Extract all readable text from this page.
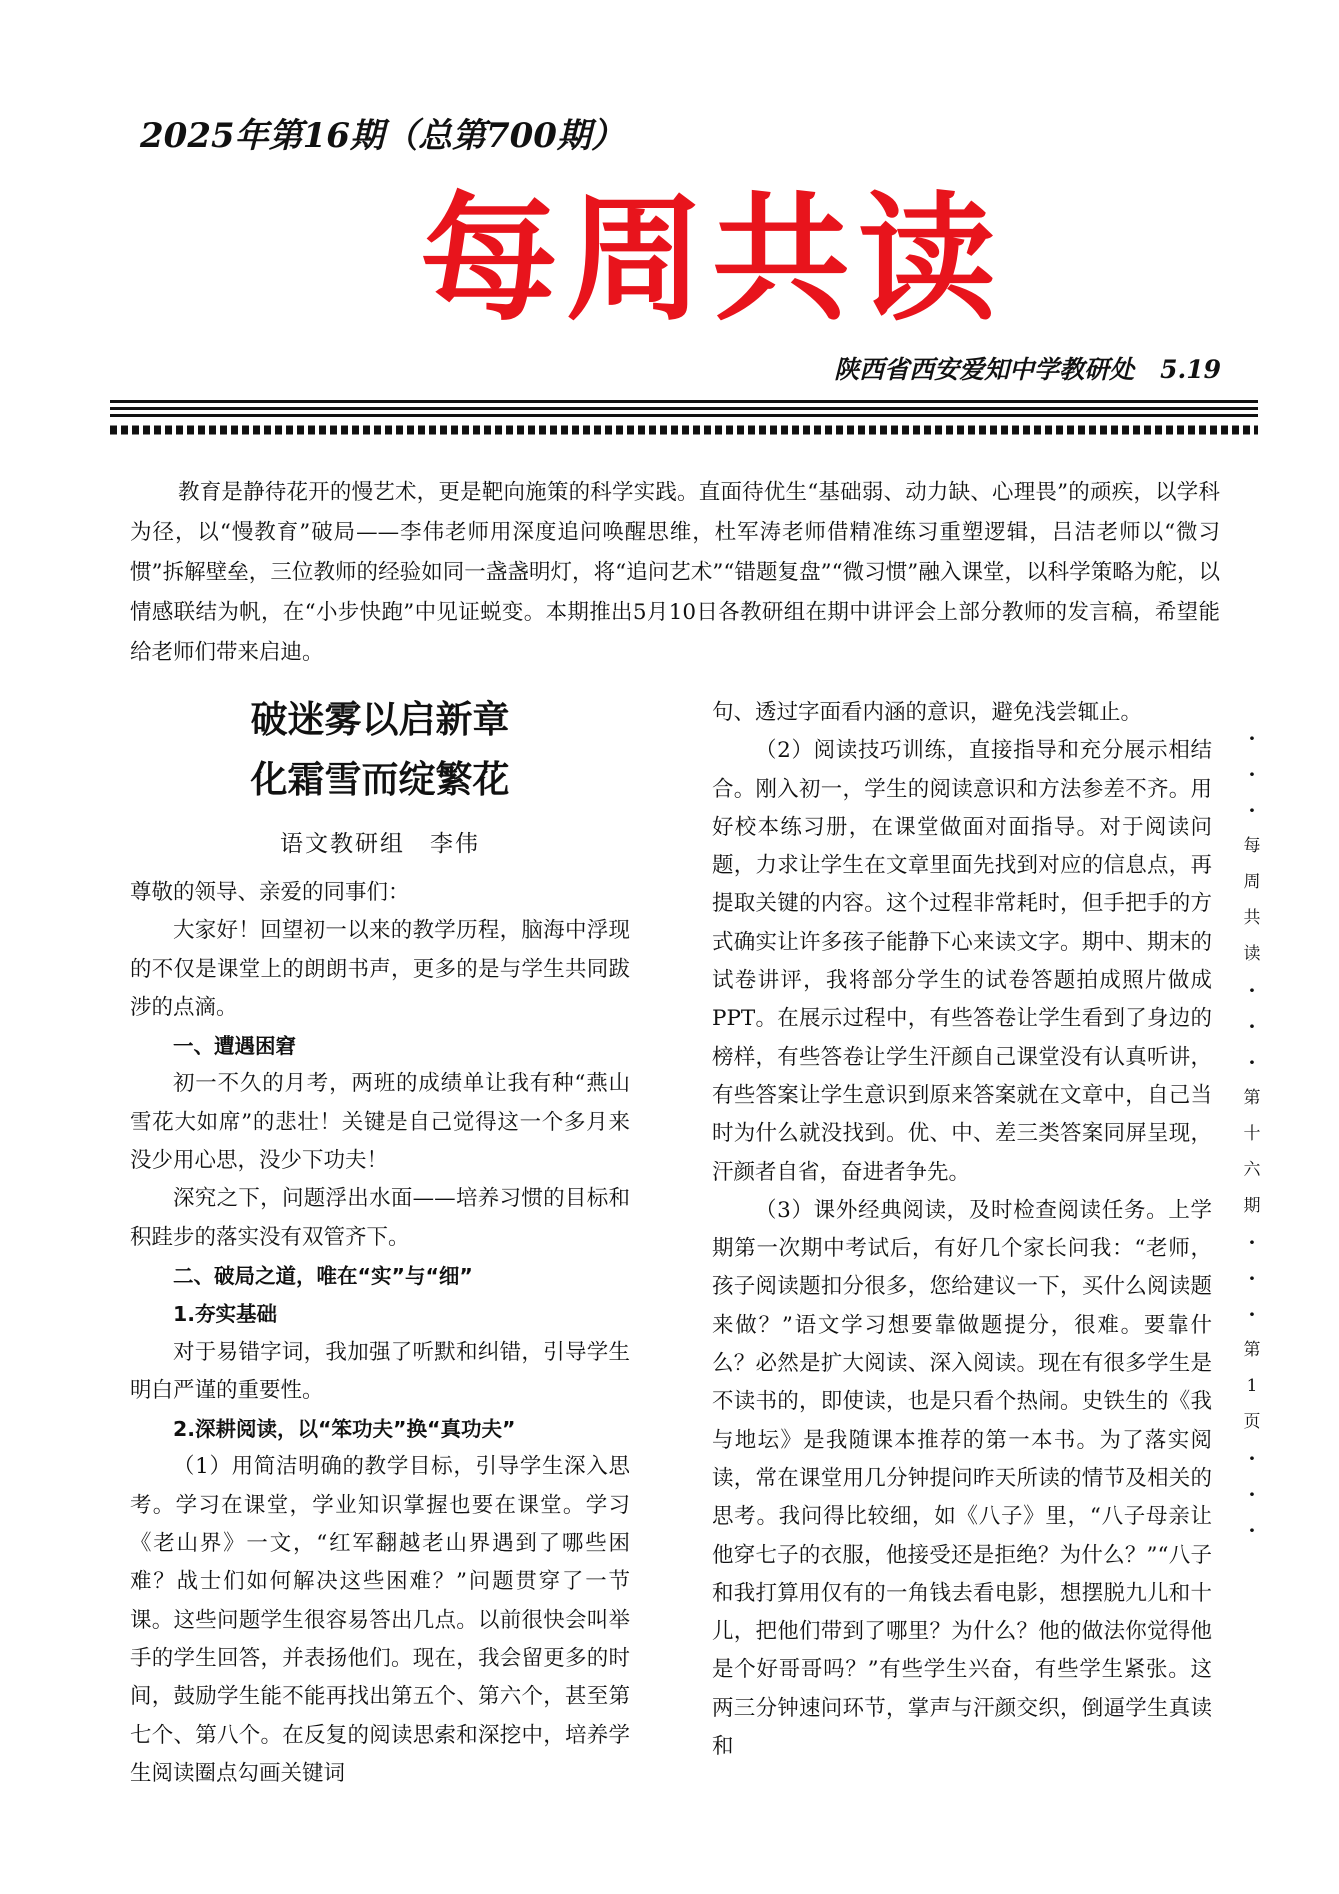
2025年第16期（总第700期）
每周共读
陕西省西安爱知中学教研处 5.19
教育是静待花开的慢艺术，更是靶向施策的科学实践。直面待优生“基础弱、动力缺、心理畏”的顽疾，以学科为径，以“慢教育”破局——李伟老师用深度追问唤醒思维，杜军涛老师借精准练习重塑逻辑，吕洁老师以“微习惯”拆解壁垒，三位教师的经验如同一盏盏明灯，将“追问艺术”“错题复盘”“微习惯”融入课堂，以科学策略为舵，以情感联结为帆，在“小步快跑”中见证蜕变。本期推出5月10日各教研组在期中讲评会上部分教师的发言稿，希望能给老师们带来启迪。
破迷雾以启新章
化霜雪而绽繁花
语文教研组　李伟

尊敬的领导、亲爱的同事们：

大家好！回望初一以来的教学历程，脑海中浮现的不仅是课堂上的朗朗书声，更多的是与学生共同跋涉的点滴。

一、遭遇困窘

初一不久的月考，两班的成绩单让我有种“燕山雪花大如席”的悲壮！关键是自己觉得这一个多月来没少用心思，没少下功夫！

深究之下，问题浮出水面——培养习惯的目标和积跬步的落实没有双管齐下。

二、破局之道，唯在“实”与“细”

1.夯实基础

对于易错字词，我加强了听默和纠错，引导学生明白严谨的重要性。

2.深耕阅读，以“笨功夫”换“真功夫”

（1）用简洁明确的教学目标，引导学生深入思考。学习在课堂，学业知识掌握也要在课堂。学习《老山界》一文，“红军翻越老山界遇到了哪些困难？战士们如何解决这些困难？”问题贯穿了一节课。这些问题学生很容易答出几点。以前很快会叫举手的学生回答，并表扬他们。现在，我会留更多的时间，鼓励学生能不能再找出第五个、第六个，甚至第七个、第八个。在反复的阅读思索和深挖中，培养学生阅读圈点勾画关键词

句、透过字面看内涵的意识，避免浅尝辄止。

（2）阅读技巧训练，直接指导和充分展示相结合。刚入初一，学生的阅读意识和方法参差不齐。用好校本练习册，在课堂做面对面指导。对于阅读问题，力求让学生在文章里面先找到对应的信息点，再提取关键的内容。这个过程非常耗时，但手把手的方式确实让许多孩子能静下心来读文字。期中、期末的试卷讲评，我将部分学生的试卷答题拍成照片做成PPT。在展示过程中，有些答卷让学生看到了身边的榜样，有些答卷让学生汗颜自己课堂没有认真听讲，有些答案让学生意识到原来答案就在文章中，自己当时为什么就没找到。优、中、差三类答案同屏呈现，汗颜者自省，奋进者争先。

（3）课外经典阅读，及时检查阅读任务。上学期第一次期中考试后，有好几个家长问我：“老师，孩子阅读题扣分很多，您给建议一下，买什么阅读题来做？”语文学习想要靠做题提分，很难。要靠什么？必然是扩大阅读、深入阅读。现在有很多学生是不读书的，即使读，也是只看个热闹。史铁生的《我与地坛》是我随课本推荐的第一本书。为了落实阅读，常在课堂用几分钟提问昨天所读的情节及相关的思考。我问得比较细，如《八子》里，“八子母亲让他穿七子的衣服，他接受还是拒绝？为什么？”“八子和我打算用仅有的一角钱去看电影，想摆脱九儿和十儿，把他们带到了哪里？为什么？他的做法你觉得他是个好哥哥吗？”有些学生兴奋，有些学生紧张。这两三分钟速问环节，掌声与汗颜交织，倒逼学生真读和

·
·
·
每
周
共
读
·
·
·
第
十
六
期
·
·
·
第
1
页
·
·
·
